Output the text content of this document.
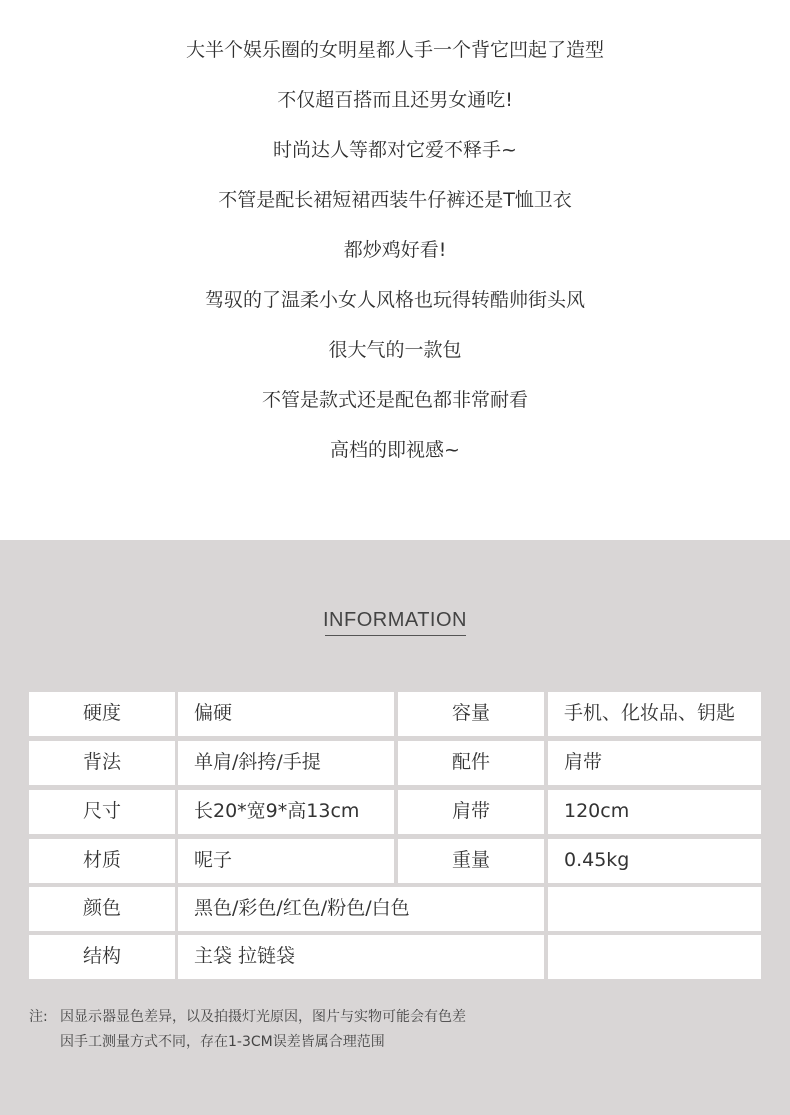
大半个娱乐圈的女明星都人手一个背它凹起了造型
不仅超百搭而且还男女通吃!
时尚达人等都对它爱不释手~
不管是配长裙短裙西装牛仔裤还是T恤卫衣
都炒鸡好看!
驾驭的了温柔小女人风格也玩得转酷帅街头风
很大气的一款包
不管是款式还是配色都非常耐看
高档的即视感~
INFORMATION
硬度	偏硬	容量	手机、化妆品、钥匙
背法	单肩/斜挎/手提	配件	肩带
尺寸	长20*宽9*高13cm	肩带	120cm
材质	呢子	重量	0.45kg
颜色	黑色/彩色/红色/粉色/白色
结构	主袋 拉链袋
注: 因显示器显色差异，以及拍摄灯光原因，图片与实物可能会有色差
因手工测量方式不同，存在1-3CM误差皆属合理范围
